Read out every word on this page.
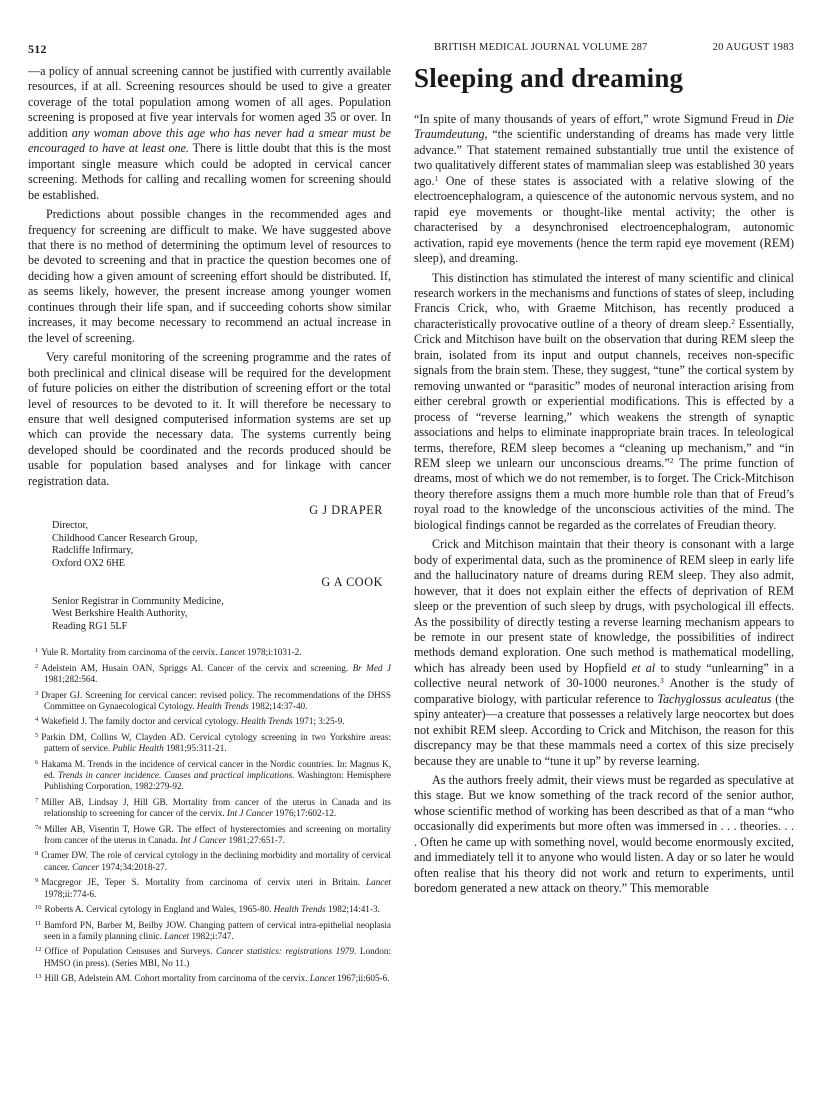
512	BRITISH MEDICAL JOURNAL VOLUME 287	20 AUGUST 1983

—a policy of annual screening cannot be justified with currently available resources, if at all. Screening resources should be used to give a greater coverage of the total population among women of all ages. Population screening is proposed at five year intervals for women aged 35 or over. In addition any woman above this age who has never had a smear must be encouraged to have at least one. There is little doubt that this is the most important single measure which could be adopted in cervical cancer screening. Methods for calling and recalling women for screening should be established.

Predictions about possible changes in the recommended ages and frequency for screening are difficult to make. We have suggested above that there is no method of determining the optimum level of resources to be devoted to screening and that in practice the question becomes one of deciding how a given amount of screening effort should be distributed. If, as seems likely, however, the present increase among younger women continues through their life span, and if succeeding cohorts show similar increases, it may become necessary to recommend an actual increase in the level of screening.

Very careful monitoring of the screening programme and the rates of both preclinical and clinical disease will be required for the development of future policies on either the distribution of screening effort or the total level of resources to be devoted to it. It will therefore be necessary to ensure that well designed computerised information systems are set up which can provide the necessary data. The systems currently being developed should be coordinated and the records produced should be usable for population based analyses and for linkage with cancer registration data.

G J DRAPER
Director,
Childhood Cancer Research Group,
Radcliffe Infirmary,
Oxford OX2 6HE
G A COOK
Senior Registrar in Community Medicine,
West Berkshire Health Authority,
Reading RG1 5LF

$^1$ Yule R. Mortality from carcinoma of the cervix. Lancet 1978;i:1031-2.

$^2$ Adelstein AM, Husain OAN, Spriggs AI. Cancer of the cervix and screening. Br Med J 1981;282:564.

$^3$ Draper GJ. Screening for cervical cancer: revised policy. The recommendations of the DHSS Committee on Gynaecological Cytology. Health Trends 1982;14:37-40.

$^4$ Wakefield J. The family doctor and cervical cytology. Health Trends 1971; 3:25-9.

$^5$ Parkin DM, Collins W, Clayden AD. Cervical cytology screening in two Yorkshire areas: pattern of service. Public Health 1981;95:311-21.

$^6$ Hakama M. Trends in the incidence of cervical cancer in the Nordic countries. In: Magnus K, ed. Trends in cancer incidence. Causes and practical implications. Washington: Hemisphere Publishing Corporation, 1982:279-92.

$^7$ Miller AB, Lindsay J, Hill GB. Mortality from cancer of the uterus in Canada and its relationship to screening for cancer of the cervix. Int J Cancer 1976;17:602-12.

$^{7a}$ Miller AB, Visentin T, Howe GR. The effect of hysterectomies and screening on mortality from cancer of the uterus in Canada. Int J Cancer 1981;27:651-7.

$^8$ Cramer DW. The role of cervical cytology in the declining morbidity and mortality of cervical cancer. Cancer 1974;34:2018-27.

$^9$ Macgregor JE, Teper S. Mortality from carcinoma of cervix uteri in Britain. Lancet 1978;ii:774-6.

$^{10}$ Roberts A. Cervical cytology in England and Wales, 1965-80. Health Trends 1982;14:41-3.

$^{11}$ Bamford PN, Barber M, Beilby JOW. Changing pattern of cervical intra-epithelial neoplasia seen in a family planning clinic. Lancet 1982;i:747.

$^{12}$ Office of Population Censuses and Surveys. Cancer statistics: registrations 1979. London: HMSO (in press). (Series MBI, No 11.)

$^{13}$ Hill GB, Adelstein AM. Cohort mortality from carcinoma of the cervix. Lancet 1967;ii:605-6.

Sleeping and dreaming

“In spite of many thousands of years of effort,” wrote Sigmund Freud in Die Traumdeutung, “the scientific understanding of dreams has made very little advance.” That statement remained substantially true until the existence of two qualitatively different states of mammalian sleep was established 30 years ago.$^1$ One of these states is associated with a relative slowing of the electroencephalogram, a quiescence of the autonomic nervous system, and no rapid eye movements or thought-like mental activity; the other is characterised by a desynchronised electroencephalogram, autonomic activation, rapid eye movements (hence the term rapid eye movement (REM) sleep), and dreaming.

This distinction has stimulated the interest of many scientific and clinical research workers in the mechanisms and functions of states of sleep, including Francis Crick, who, with Graeme Mitchison, has recently produced a characteristically provocative outline of a theory of dream sleep.$^2$ Essentially, Crick and Mitchison have built on the observation that during REM sleep the brain, isolated from its input and output channels, receives non-specific signals from the brain stem. These, they suggest, “tune” the cortical system by removing unwanted or “parasitic” modes of neuronal interaction arising from either cerebral growth or experiential modifications. This is effected by a process of “reverse learning,” which weakens the strength of synaptic associations and helps to eliminate inappropriate brain traces. In teleological terms, therefore, REM sleep becomes a “cleaning up mechanism,” and “in REM sleep we unlearn our unconscious dreams.”$^2$ The prime function of dreams, most of which we do not remember, is to forget. The Crick-Mitchison theory therefore assigns them a much more humble role than that of Freud’s royal road to the knowledge of the unconscious activities of the mind. The biological findings cannot be regarded as the correlates of Freudian theory.

Crick and Mitchison maintain that their theory is consonant with a large body of experimental data, such as the prominence of REM sleep in early life and the hallucinatory nature of dreams during REM sleep. They also admit, however, that it does not explain either the effects of deprivation of REM sleep or the prevention of such sleep by drugs, with psychological ill effects. As the possibility of directly testing a reverse learning mechanism appears to be remote in our present state of knowledge, the possibilities of indirect methods demand exploration. One such method is mathematical modelling, which has already been used by Hopfield et al to study “unlearning” in a collective neural network of 30-1000 neurones.$^3$ Another is the study of comparative biology, with particular reference to Tachyglossus aculeatus (the spiny anteater)—a creature that possesses a relatively large neocortex but does not exhibit REM sleep. According to Crick and Mitchison, the reason for this discrepancy may be that these mammals need a cortex of this size precisely because they are unable to “tune it up” by reverse learning.

As the authors freely admit, their views must be regarded as speculative at this stage. But we know something of the track record of the senior author, whose scientific method of working has been described as that of a man “who occasionally did experiments but more often was immersed in . . . theories. . . . Often he came up with something novel, would become enormously excited, and immediately tell it to anyone who would listen. A day or so later he would often realise that his theory did not work and return to experiments, until boredom generated a new attack on theory.” This memorable
